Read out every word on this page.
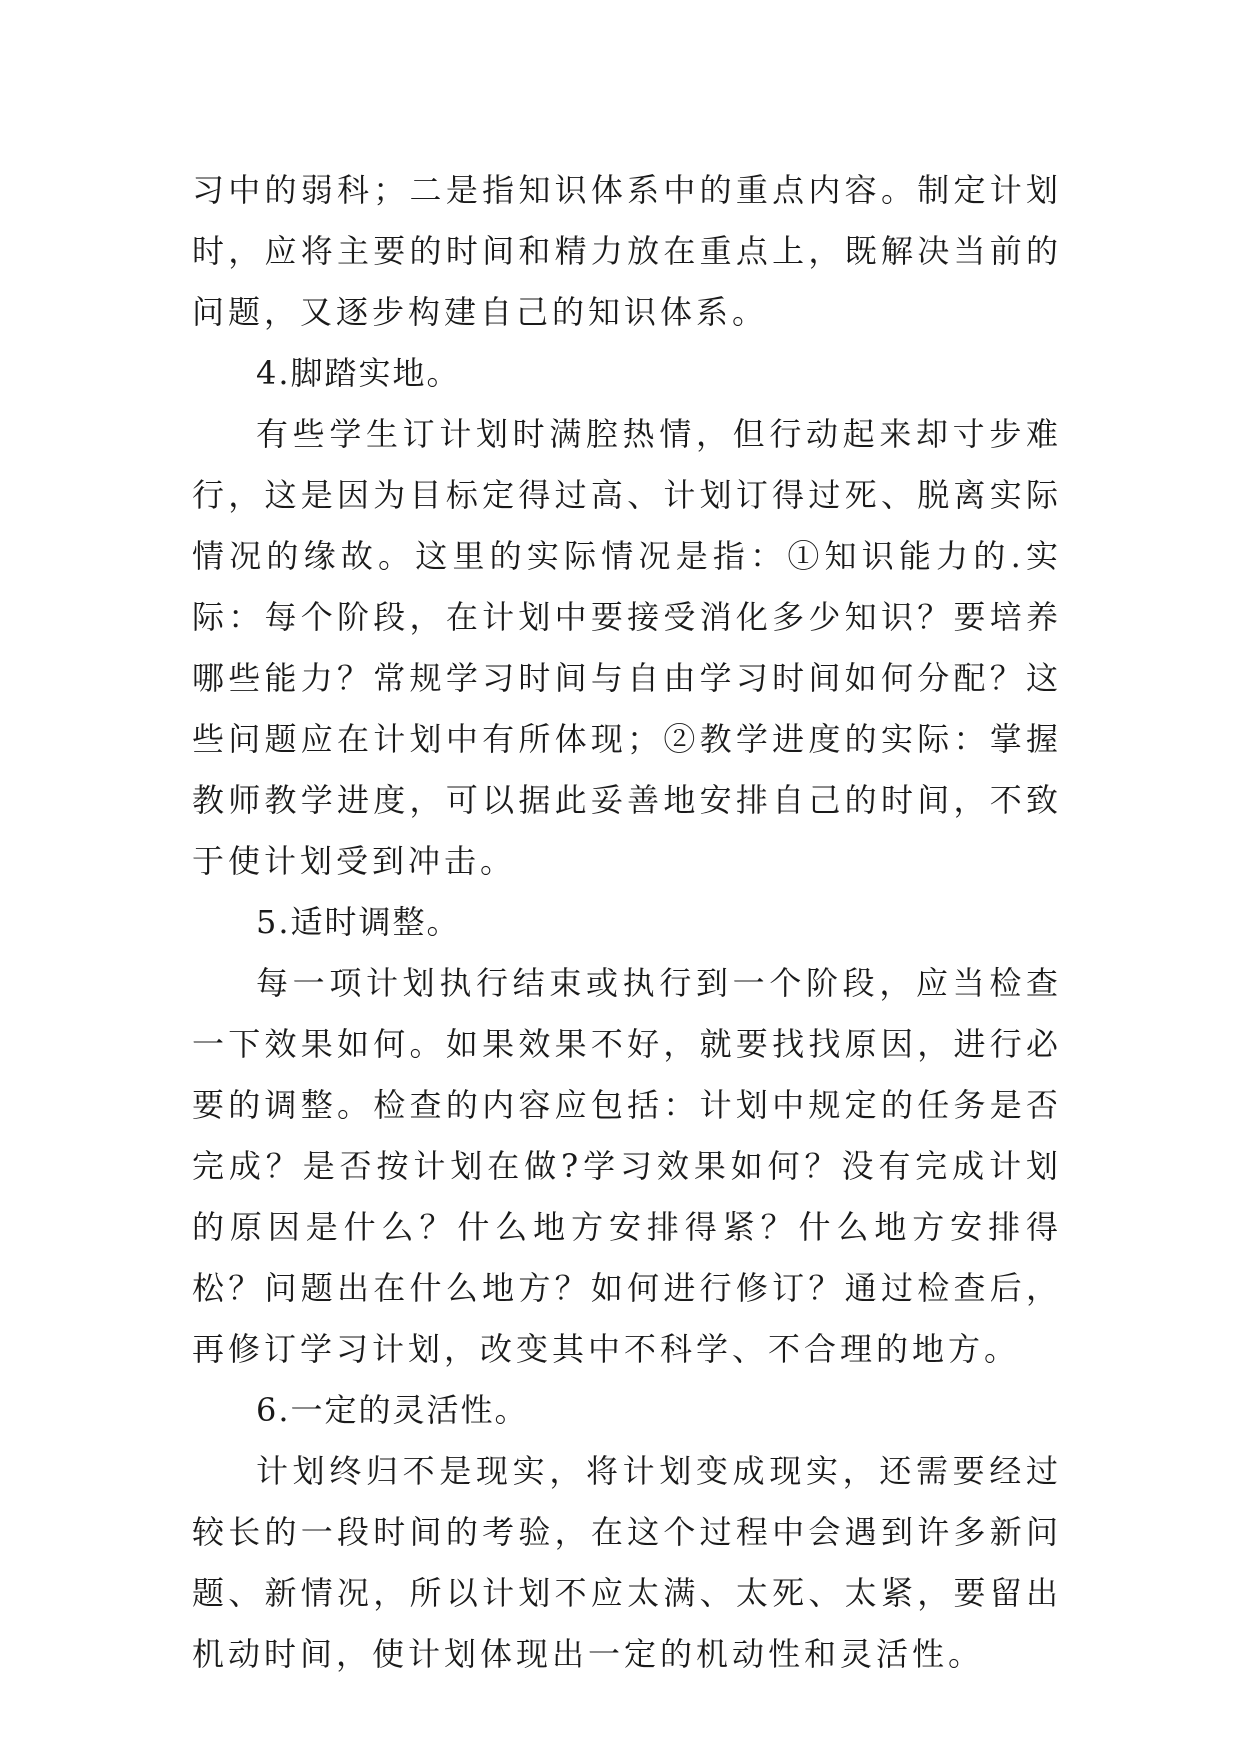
习中的弱科；二是指知识体系中的重点内容。制定计划时，应将主要的时间和精力放在重点上，既解决当前的问题，又逐步构建自己的知识体系。

4.脚踏实地。

有些学生订计划时满腔热情，但行动起来却寸步难行，这是因为目标定得过高、计划订得过死、脱离实际情况的缘故。这里的实际情况是指：①知识能力的.实际：每个阶段，在计划中要接受消化多少知识？要培养哪些能力？常规学习时间与自由学习时间如何分配？这些问题应在计划中有所体现；②教学进度的实际：掌握教师教学进度，可以据此妥善地安排自己的时间，不致于使计划受到冲击。

5.适时调整。

每一项计划执行结束或执行到一个阶段，应当检查一下效果如何。如果效果不好，就要找找原因，进行必要的调整。检查的内容应包括：计划中规定的任务是否完成？是否按计划在做?学习效果如何？没有完成计划的原因是什么？什么地方安排得紧？什么地方安排得松？问题出在什么地方？如何进行修订？通过检查后，再修订学习计划，改变其中不科学、不合理的地方。

6.一定的灵活性。

计划终归不是现实，将计划变成现实，还需要经过较长的一段时间的考验，在这个过程中会遇到许多新问题、新情况，所以计划不应太满、太死、太紧，要留出机动时间，使计划体现出一定的机动性和灵活性。
